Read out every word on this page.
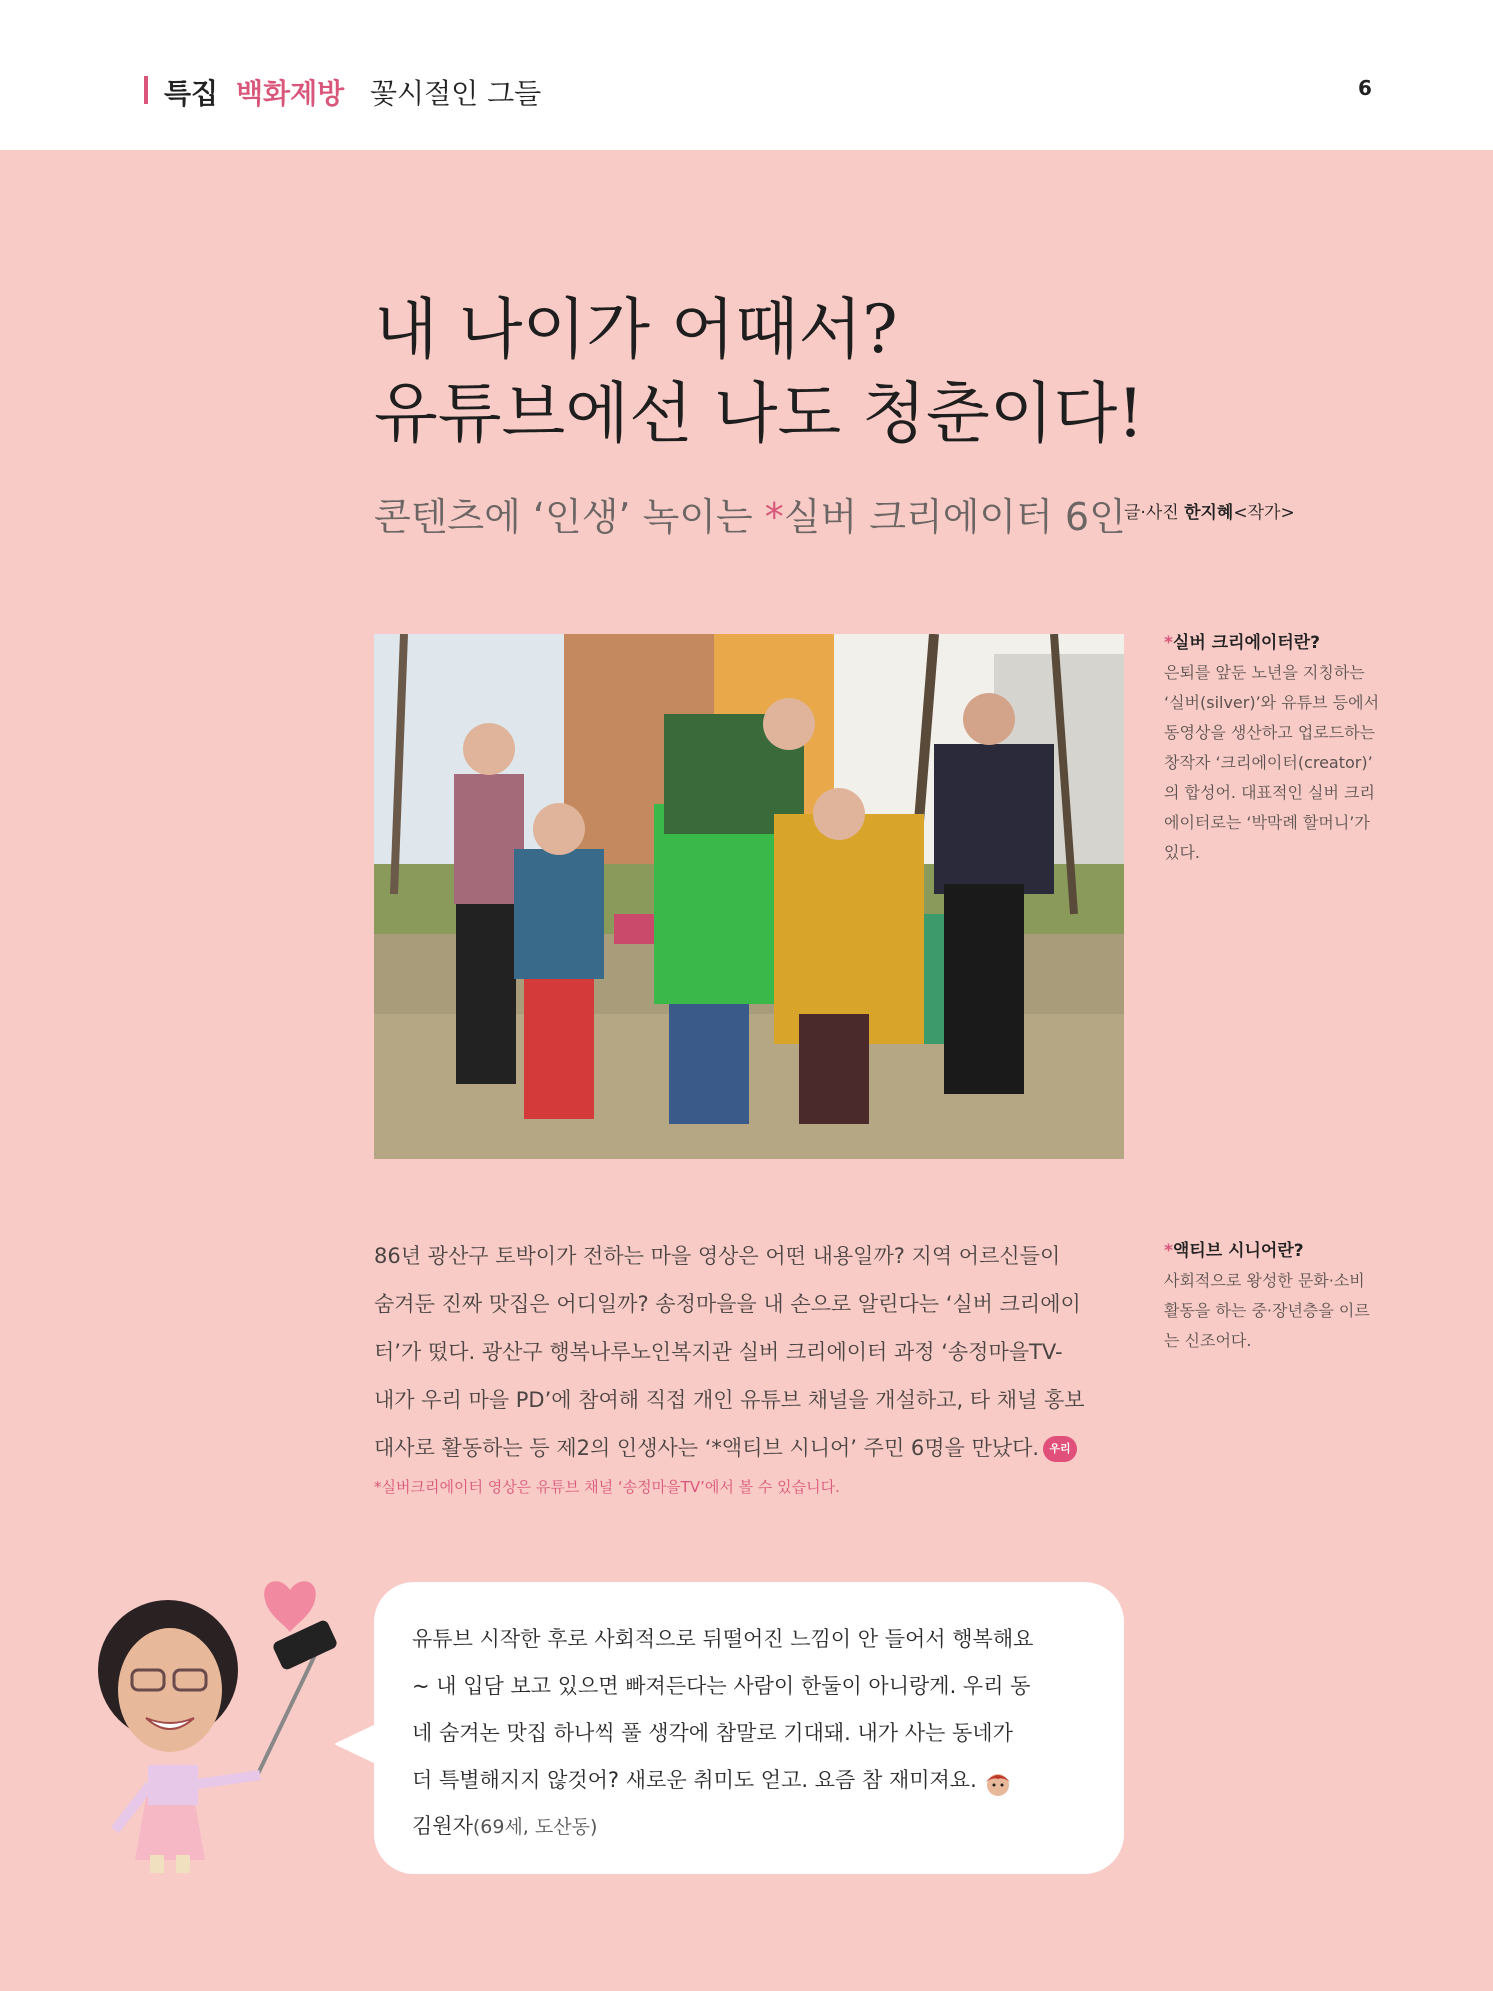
특집 백화제방 꽃시절인 그들	6
내 나이가 어때서?
유튜브에선 나도 청춘이다!
콘텐츠에 ‘인생’ 녹이는 *실버 크리에이터 6인
글·사진 한지혜<작가>
*실버 크리에이터란?
은퇴를 앞둔 노년을 지칭하는
‘실버(silver)’와 유튜브 등에서
동영상을 생산하고 업로드하는
창작자 ‘크리에이터(creator)’
의 합성어. 대표적인 실버 크리
에이터로는 ‘박막례 할머니’가
있다.
*액티브 시니어란?
사회적으로 왕성한 문화·소비
활동을 하는 중·장년층을 이르
는 신조어다.
86년 광산구 토박이가 전하는 마을 영상은 어떤 내용일까? 지역 어르신들이
숨겨둔 진짜 맛집은 어디일까? 송정마을을 내 손으로 알린다는 ‘실버 크리에이
터’가 떴다. 광산구 행복나루노인복지관 실버 크리에이터 과정 ‘송정마을TV-
내가 우리 마을 PD’에 참여해 직접 개인 유튜브 채널을 개설하고, 타 채널 홍보
대사로 활동하는 등 제2의 인생사는 ‘*액티브 시니어’ 주민 6명을 만났다. 우리
*실버크리에이터 영상은 유튜브 채널 ‘송정마을TV’에서 볼 수 있습니다.
유튜브 시작한 후로 사회적으로 뒤떨어진 느낌이 안 들어서 행복해요
~ 내 입담 보고 있으면 빠져든다는 사람이 한둘이 아니랑게. 우리 동
네 숨겨논 맛집 하나씩 풀 생각에 참말로 기대돼. 내가 사는 동네가
더 특별해지지 않것어? 새로운 취미도 얻고. 요즘 참 재미져요.
김원자(69세, 도산동)
